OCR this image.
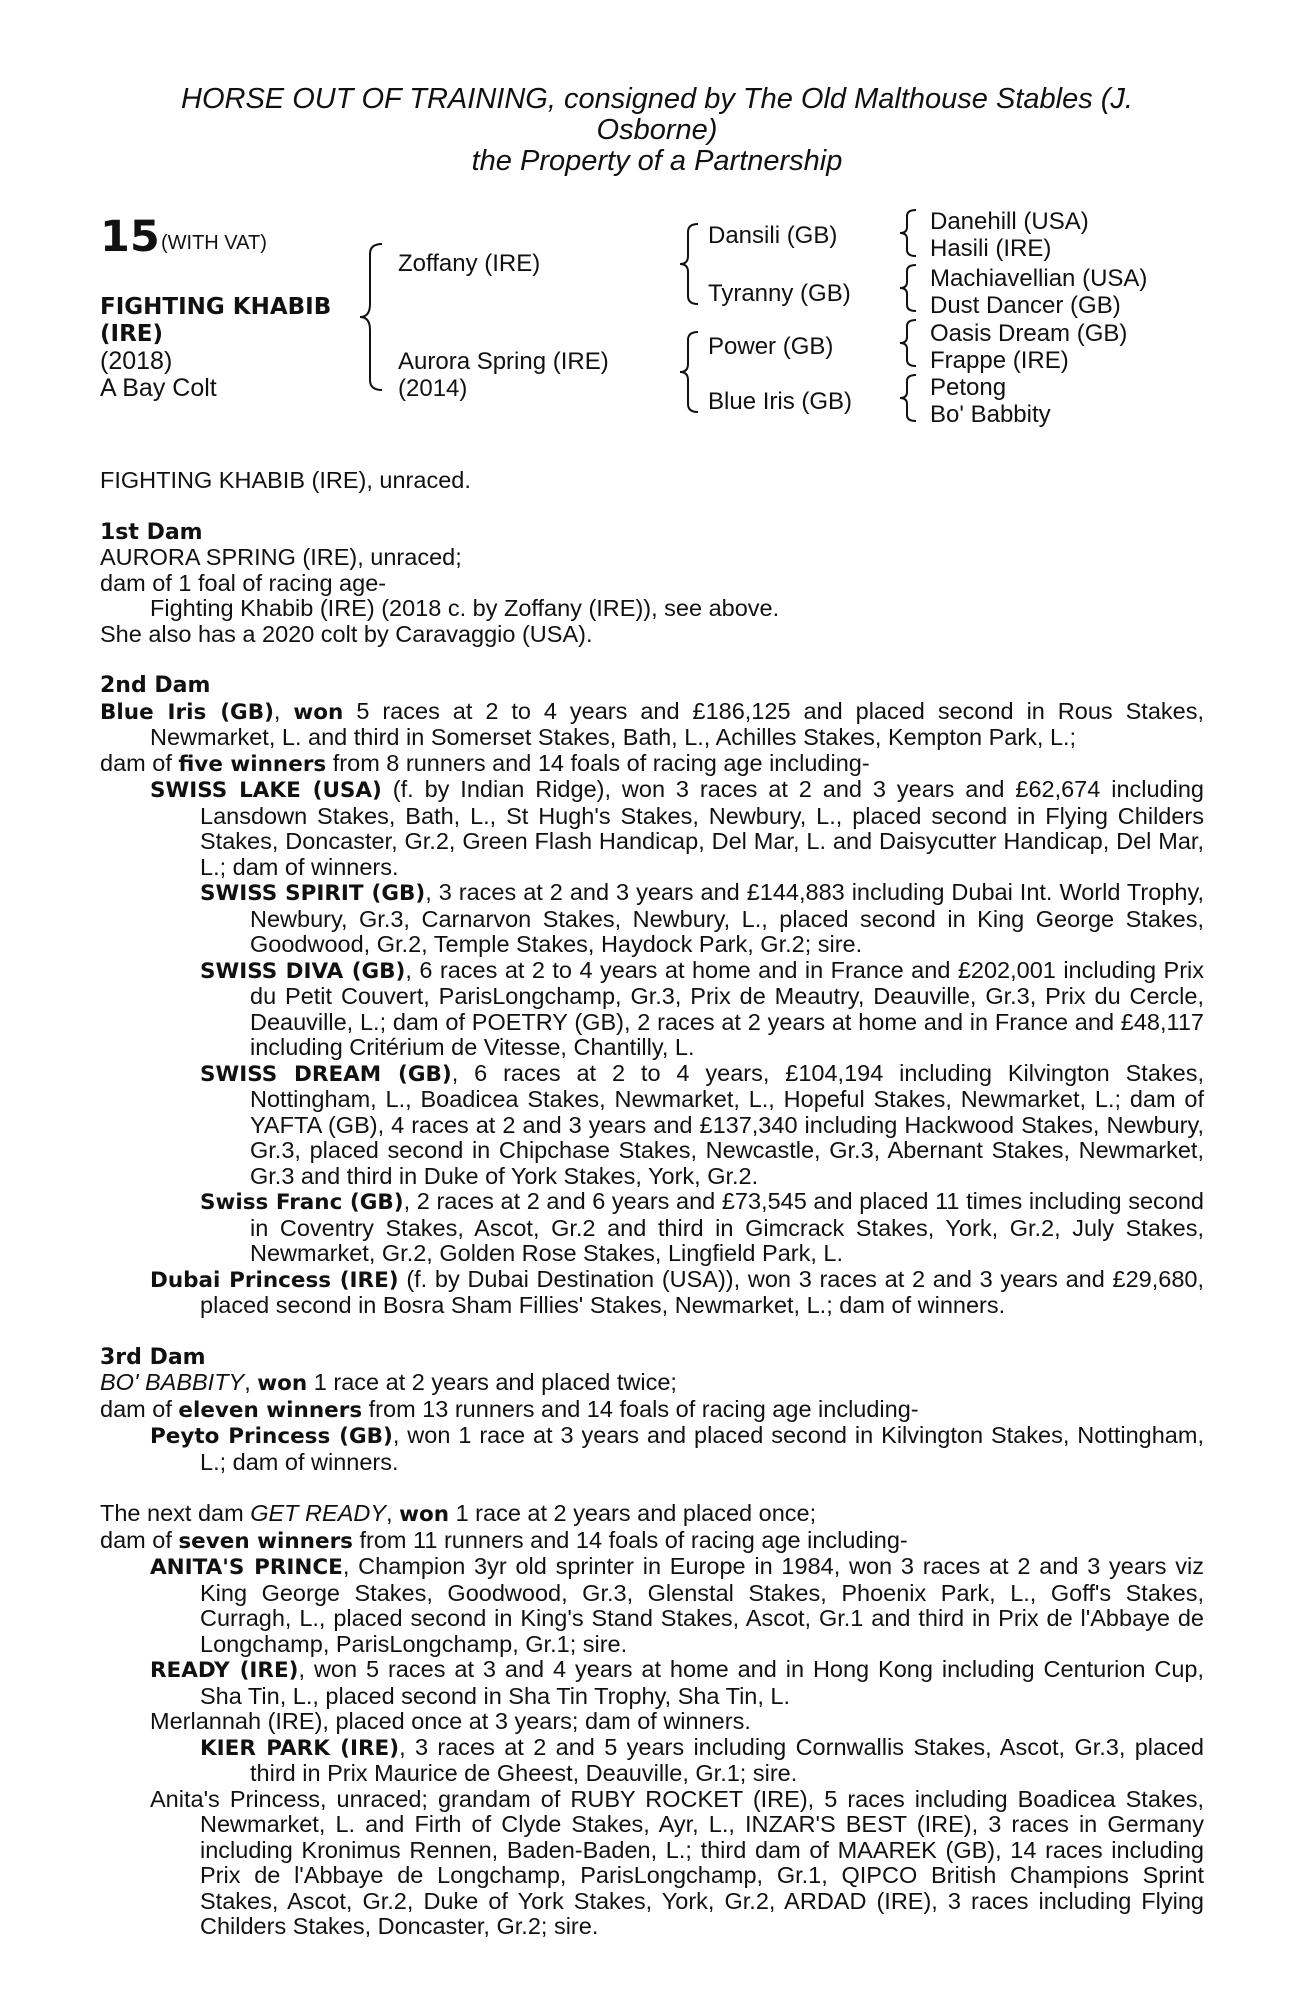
HORSE OUT OF TRAINING, consigned by The Old Malthouse Stables (J.
Osborne)
the Property of a Partnership
15 (WITH VAT)
FIGHTING KHABIB
(IRE)
(2018)
A Bay Colt
Zoffany (IRE)
Aurora Spring (IRE)
(2014)
Dansili (GB)
Tyranny (GB)
Power (GB)
Blue Iris (GB)
Danehill (USA)
Hasili (IRE)
Machiavellian (USA)
Dust Dancer (GB)
Oasis Dream (GB)
Frappe (IRE)
Petong
Bo' Babbity

FIGHTING KHABIB (IRE), unraced.

1st Dam

AURORA SPRING (IRE), unraced;

dam of 1 foal of racing age-

Fighting Khabib (IRE) (2018 c. by Zoffany (IRE)), see above.

She also has a 2020 colt by Caravaggio (USA).

2nd Dam

Blue Iris (GB), won 5 races at 2 to 4 years and £186,125 and placed second in Rous Stakes, Newmarket, L. and third in Somerset Stakes, Bath, L., Achilles Stakes, Kempton Park, L.;

dam of five winners from 8 runners and 14 foals of racing age including-

SWISS LAKE (USA) (f. by Indian Ridge), won 3 races at 2 and 3 years and £62,674 including Lansdown Stakes, Bath, L., St Hugh's Stakes, Newbury, L., placed second in Flying Childers Stakes, Doncaster, Gr.2, Green Flash Handicap, Del Mar, L. and Daisycutter Handicap, Del Mar, L.; dam of winners.

SWISS SPIRIT (GB), 3 races at 2 and 3 years and £144,883 including Dubai Int. World Trophy, Newbury, Gr.3, Carnarvon Stakes, Newbury, L., placed second in King George Stakes, Goodwood, Gr.2, Temple Stakes, Haydock Park, Gr.2; sire.

SWISS DIVA (GB), 6 races at 2 to 4 years at home and in France and £202,001 including Prix du Petit Couvert, ParisLongchamp, Gr.3, Prix de Meautry, Deauville, Gr.3, Prix du Cercle, Deauville, L.; dam of POETRY (GB), 2 races at 2 years at home and in France and £48,117 including Critérium de Vitesse, Chantilly, L.

SWISS DREAM (GB), 6 races at 2 to 4 years, £104,194 including Kilvington Stakes, Nottingham, L., Boadicea Stakes, Newmarket, L., Hopeful Stakes, Newmarket, L.; dam of YAFTA (GB), 4 races at 2 and 3 years and £137,340 including Hackwood Stakes, Newbury, Gr.3, placed second in Chipchase Stakes, Newcastle, Gr.3, Abernant Stakes, Newmarket, Gr.3 and third in Duke of York Stakes, York, Gr.2.

Swiss Franc (GB), 2 races at 2 and 6 years and £73,545 and placed 11 times including second in Coventry Stakes, Ascot, Gr.2 and third in Gimcrack Stakes, York, Gr.2, July Stakes, Newmarket, Gr.2, Golden Rose Stakes, Lingfield Park, L.

Dubai Princess (IRE) (f. by Dubai Destination (USA)), won 3 races at 2 and 3 years and £29,680, placed second in Bosra Sham Fillies' Stakes, Newmarket, L.; dam of winners.

3rd Dam

BO' BABBITY, won 1 race at 2 years and placed twice;

dam of eleven winners from 13 runners and 14 foals of racing age including-

Peyto Princess (GB), won 1 race at 3 years and placed second in Kilvington Stakes, Nottingham, L.; dam of winners.

The next dam GET READY, won 1 race at 2 years and placed once;

dam of seven winners from 11 runners and 14 foals of racing age including-

ANITA'S PRINCE, Champion 3yr old sprinter in Europe in 1984, won 3 races at 2 and 3 years viz King George Stakes, Goodwood, Gr.3, Glenstal Stakes, Phoenix Park, L., Goff's Stakes, Curragh, L., placed second in King's Stand Stakes, Ascot, Gr.1 and third in Prix de l'Abbaye de Longchamp, ParisLongchamp, Gr.1; sire.

READY (IRE), won 5 races at 3 and 4 years at home and in Hong Kong including Centurion Cup, Sha Tin, L., placed second in Sha Tin Trophy, Sha Tin, L.

Merlannah (IRE), placed once at 3 years; dam of winners.

KIER PARK (IRE), 3 races at 2 and 5 years including Cornwallis Stakes, Ascot, Gr.3, placed third in Prix Maurice de Gheest, Deauville, Gr.1; sire.

Anita's Princess, unraced; grandam of RUBY ROCKET (IRE), 5 races including Boadicea Stakes, Newmarket, L. and Firth of Clyde Stakes, Ayr, L., INZAR'S BEST (IRE), 3 races in Germany including Kronimus Rennen, Baden-Baden, L.; third dam of MAAREK (GB), 14 races including Prix de l'Abbaye de Longchamp, ParisLongchamp, Gr.1, QIPCO British Champions Sprint Stakes, Ascot, Gr.2, Duke of York Stakes, York, Gr.2, ARDAD (IRE), 3 races including Flying Childers Stakes, Doncaster, Gr.2; sire.
